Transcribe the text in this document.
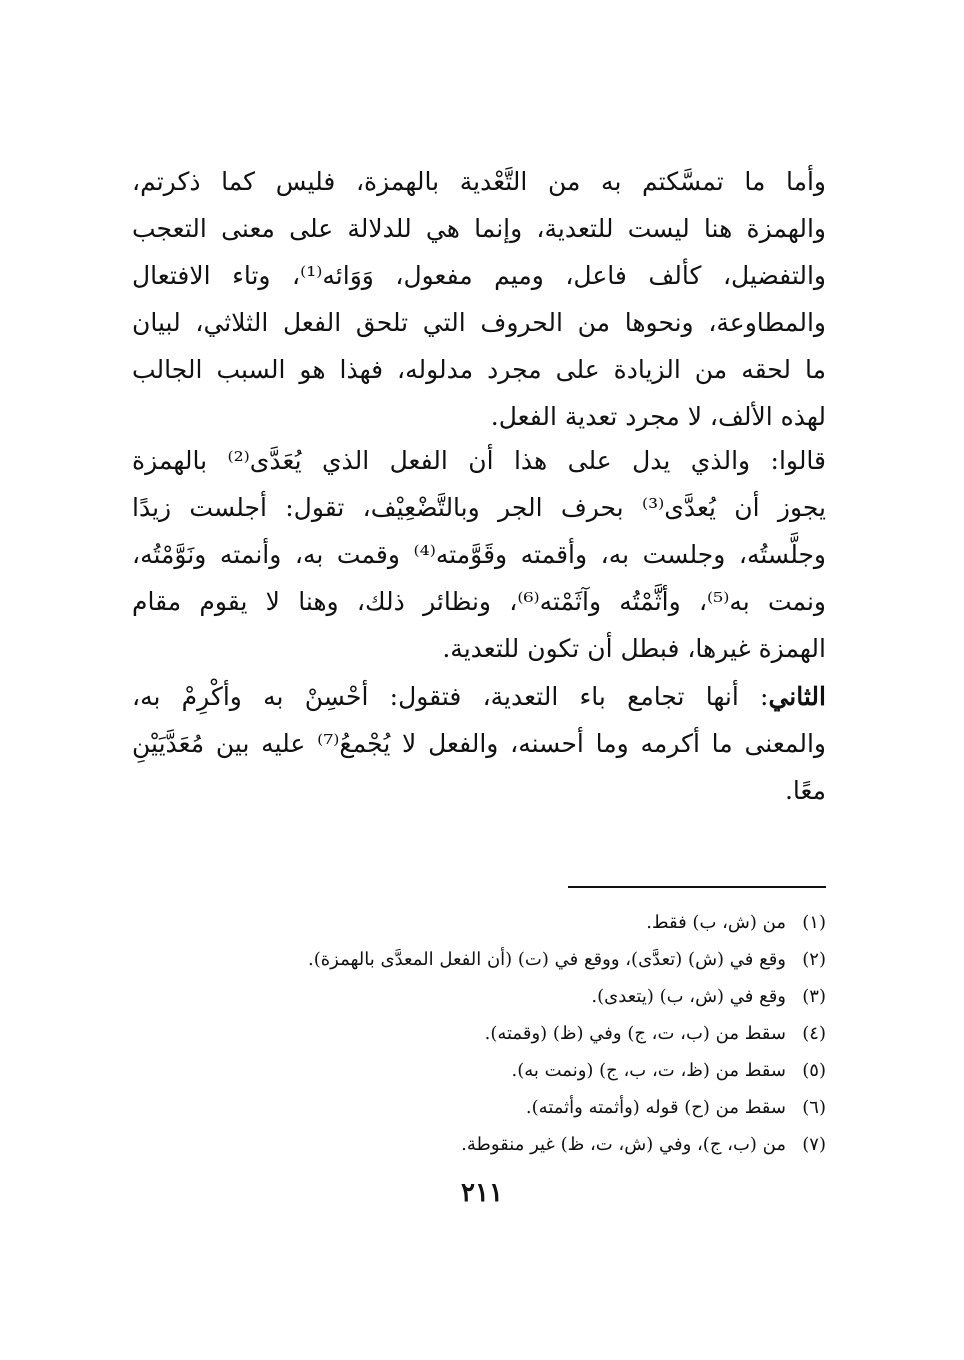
وأما ما تمسَّكتم به من التَّعْدية بالهمزة، فليس كما ذكرتم،
والهمزة هنا ليست للتعدية، وإنما هي للدلالة على معنى التعجب
والتفضيل، كألف فاعل، وميم مفعول، وَوَائه⁽¹⁾، وتاء الافتعال
والمطاوعة، ونحوها من الحروف التي تلحق الفعل الثلاثي، لبيان
ما لحقه من الزيادة على مجرد مدلوله، فهذا هو السبب الجالب
لهذه الألف، لا مجرد تعدية الفعل.
قالوا: والذي يدل على هذا أن الفعل الذي يُعَدَّى⁽²⁾ بالهمزة
يجوز أن يُعدَّى⁽³⁾ بحرف الجر وبالتَّضْعِيْف، تقول: أجلست زيدًا
وجلَّستُه، وجلست به، وأقمته وقَوَّمته⁽⁴⁾ وقمت به، وأنمته ونَوَّمْتُه،
ونمت به⁽⁵⁾، وأثَّمْتُه وآثَمْته⁽⁶⁾، ونظائر ذلك، وهنا لا يقوم مقام
الهمزة غيرها، فبطل أن تكون للتعدية.
الثاني: أنها تجامع باء التعدية، فتقول: أحْسِنْ به وأكْرِمْ به،
والمعنى ما أكرمه وما أحسنه، والفعل لا يُجْمعُ⁽⁷⁾ عليه بين مُعَدَّيَيْنِ
معًا.
(١)من (ش، ب) فقط.
(٢)وقع في (ش) (تعدَّى)، ووقع في (ت) (أن الفعل المعدَّى بالهمزة).
(٣)وقع في (ش، ب) (يتعدى).
(٤)سقط من (ب، ت، ج) وفي (ظ) (وقمته).
(٥)سقط من (ظ، ت، ب، ج) (ونمت به).
(٦)سقط من (ح) قوله (وأثمته وأثمته).
(٧)من (ب، ج)، وفي (ش، ت، ظ) غير منقوطة.
٢١١
